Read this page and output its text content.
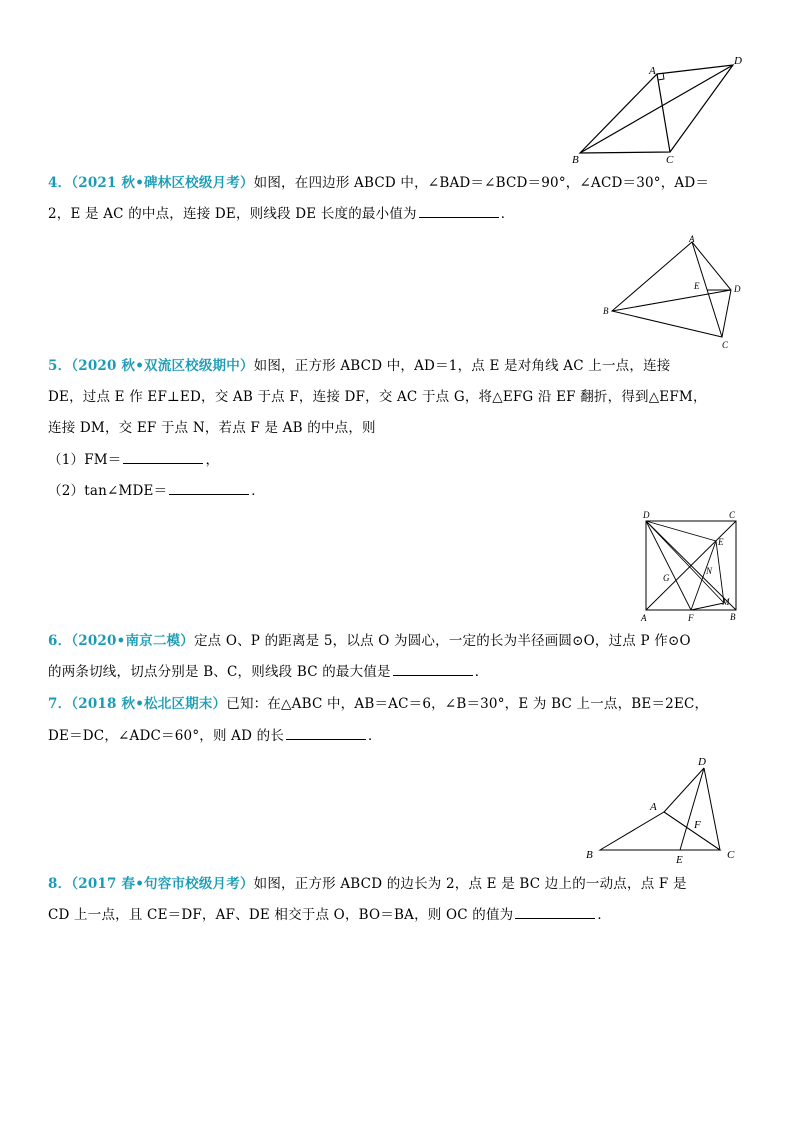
A
B	C
D
4．（2021 秋•碑林区校级月考）如图，在四边形 ABCD 中，∠BAD＝∠BCD＝90°，∠ACD＝30°，AD＝
2，E 是 AC 的中点，连接 DE，则线段 DE 长度的最小值为	．
A
B
C
D
E
5．（2020 秋•双流区校级期中）如图，正方形 ABCD 中，AD＝1，点 E 是对角线 AC 上一点，连接
DE，过点 E 作 EF⊥ED，交 AB 于点 F，连接 DF，交 AC 于点 G，将△EFG 沿 EF 翻折，得到△EFM，
连接 DM，交 EF 于点 N，若点 F 是 AB 的中点，则
（1）FM＝	，
（2）tan∠MDE＝	．
D	C
A	B
E
F
G
M
N
6．（2020•南京二模）定点 O、P 的距离是 5，以点 O 为圆心，一定的长为半径画圆⊙O，过点 P 作⊙O
的两条切线，切点分别是 B、C，则线段 BC 的最大值是	．
7．（2018 秋•松北区期末）已知：在△ABC 中，AB＝AC＝6，∠B＝30°，E 为 BC 上一点，BE＝2EC，
DE＝DC，∠ADC＝60°，则 AD 的长	．
D
A
B	C
E
F
8．（2017 春•句容市校级月考）如图，正方形 ABCD 的边长为 2，点 E 是 BC 边上的一动点，点 F 是
CD 上一点，且 CE＝DF，AF、DE 相交于点 O，BO＝BA，则 OC 的值为	．
